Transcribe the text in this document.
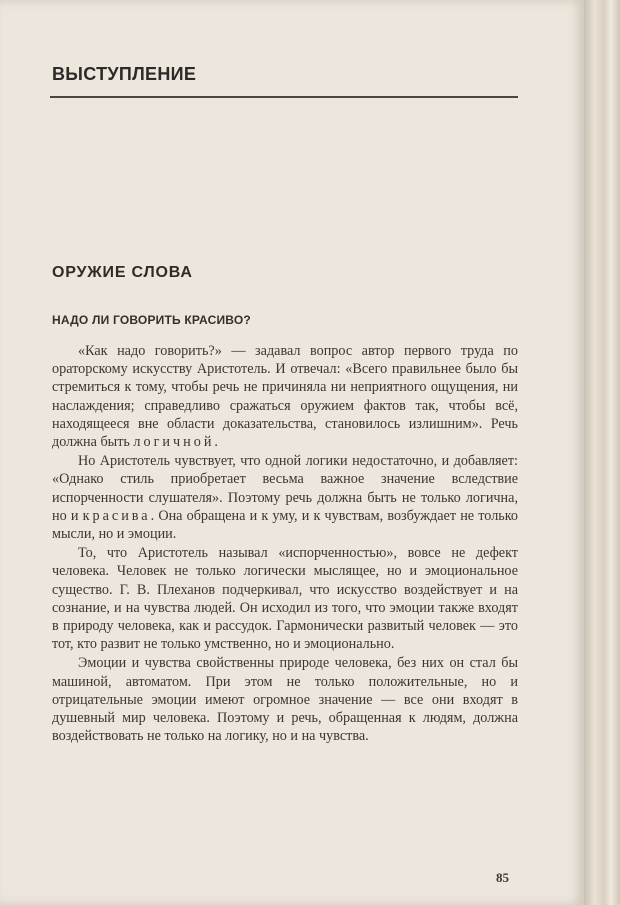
ВЫСТУПЛЕНИЕ
ОРУЖИЕ СЛОВА
НАДО ЛИ ГОВОРИТЬ КРАСИВО?

«Как надо говорить?» — задавал вопрос автор первого труда по ораторскому искусству Аристотель. И отвечал: «Всего правильнее было бы стремиться к тому, чтобы речь не причиняла ни неприятного ощущения, ни наслаждения; справедливо сражаться оружием фактов так, чтобы всё, находящееся вне области доказательства, становилось излишним». Речь должна быть логичной.

Но Аристотель чувствует, что одной логики недостаточно, и добавляет: «Однако стиль приобретает весьма важное значение вследствие испорченности слушателя». Поэтому речь должна быть не только логична, но и красива. Она обращена и к уму, и к чувствам, возбуждает не только мысли, но и эмоции.

То, что Аристотель называл «испорченностью», вовсе не дефект человека. Человек не только логически мыслящее, но и эмоциональное существо. Г. В. Плеханов подчеркивал, что искусство воздействует и на сознание, и на чувства людей. Он исходил из того, что эмоции также входят в природу человека, как и рассудок. Гармонически развитый человек — это тот, кто развит не только умственно, но и эмоционально.

Эмоции и чувства свойственны природе человека, без них он стал бы машиной, автоматом. При этом не только положительные, но и отрицательные эмоции имеют огромное значение — все они входят в душевный мир человека. Поэтому и речь, обращенная к людям, должна воздействовать не только на логику, но и на чувства.

85
